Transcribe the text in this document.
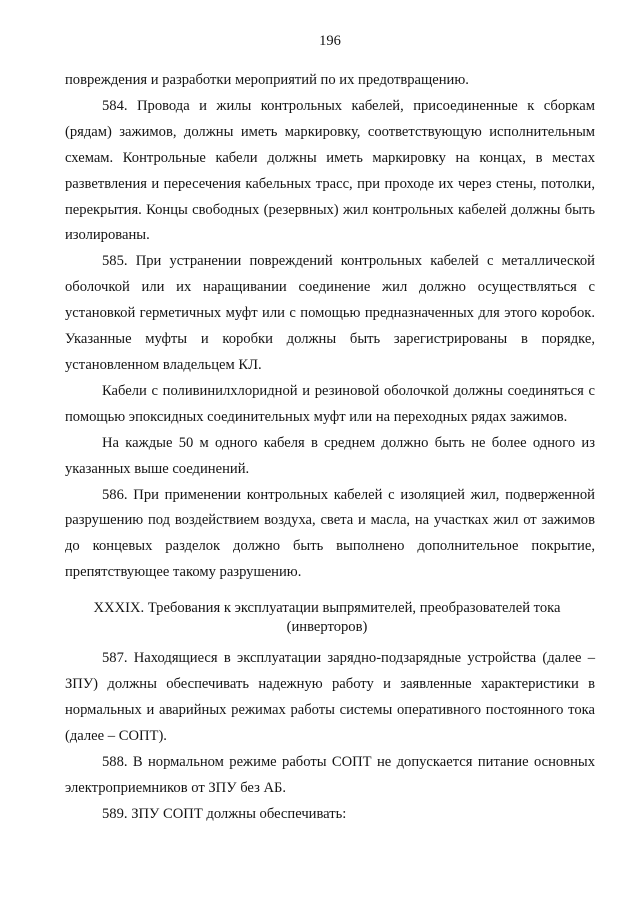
196

повреждения и разработки мероприятий по их предотвращению.

584. Провода и жилы контрольных кабелей, присоединенные к сборкам (рядам) зажимов, должны иметь маркировку, соответствующую исполнительным схемам. Контрольные кабели должны иметь маркировку на концах, в местах разветвления и пересечения кабельных трасс, при проходе их через стены, потолки, перекрытия. Концы свободных (резервных) жил контрольных кабелей должны быть изолированы.

585. При устранении повреждений контрольных кабелей с металлической оболочкой или их наращивании соединение жил должно осуществляться с установкой герметичных муфт или с помощью предназначенных для этого коробок. Указанные муфты и коробки должны быть зарегистрированы в порядке, установленном владельцем КЛ.

Кабели с поливинилхлоридной и резиновой оболочкой должны соединяться с помощью эпоксидных соединительных муфт или на переходных рядах зажимов.

На каждые 50 м одного кабеля в среднем должно быть не более одного из указанных выше соединений.

586. При применении контрольных кабелей с изоляцией жил, подверженной разрушению под воздействием воздуха, света и масла, на участках жил от зажимов до концевых разделок должно быть выполнено дополнительное покрытие, препятствующее такому разрушению.

XXXIX. Требования к эксплуатации выпрямителей, преобразователей тока (инверторов)

587. Находящиеся в эксплуатации зарядно-подзарядные устройства (далее – ЗПУ) должны обеспечивать надежную работу и заявленные характеристики в нормальных и аварийных режимах работы системы оперативного постоянного тока (далее – СОПТ).

588. В нормальном режиме работы СОПТ не допускается питание основных электроприемников от ЗПУ без АБ.

589. ЗПУ СОПТ должны обеспечивать:
